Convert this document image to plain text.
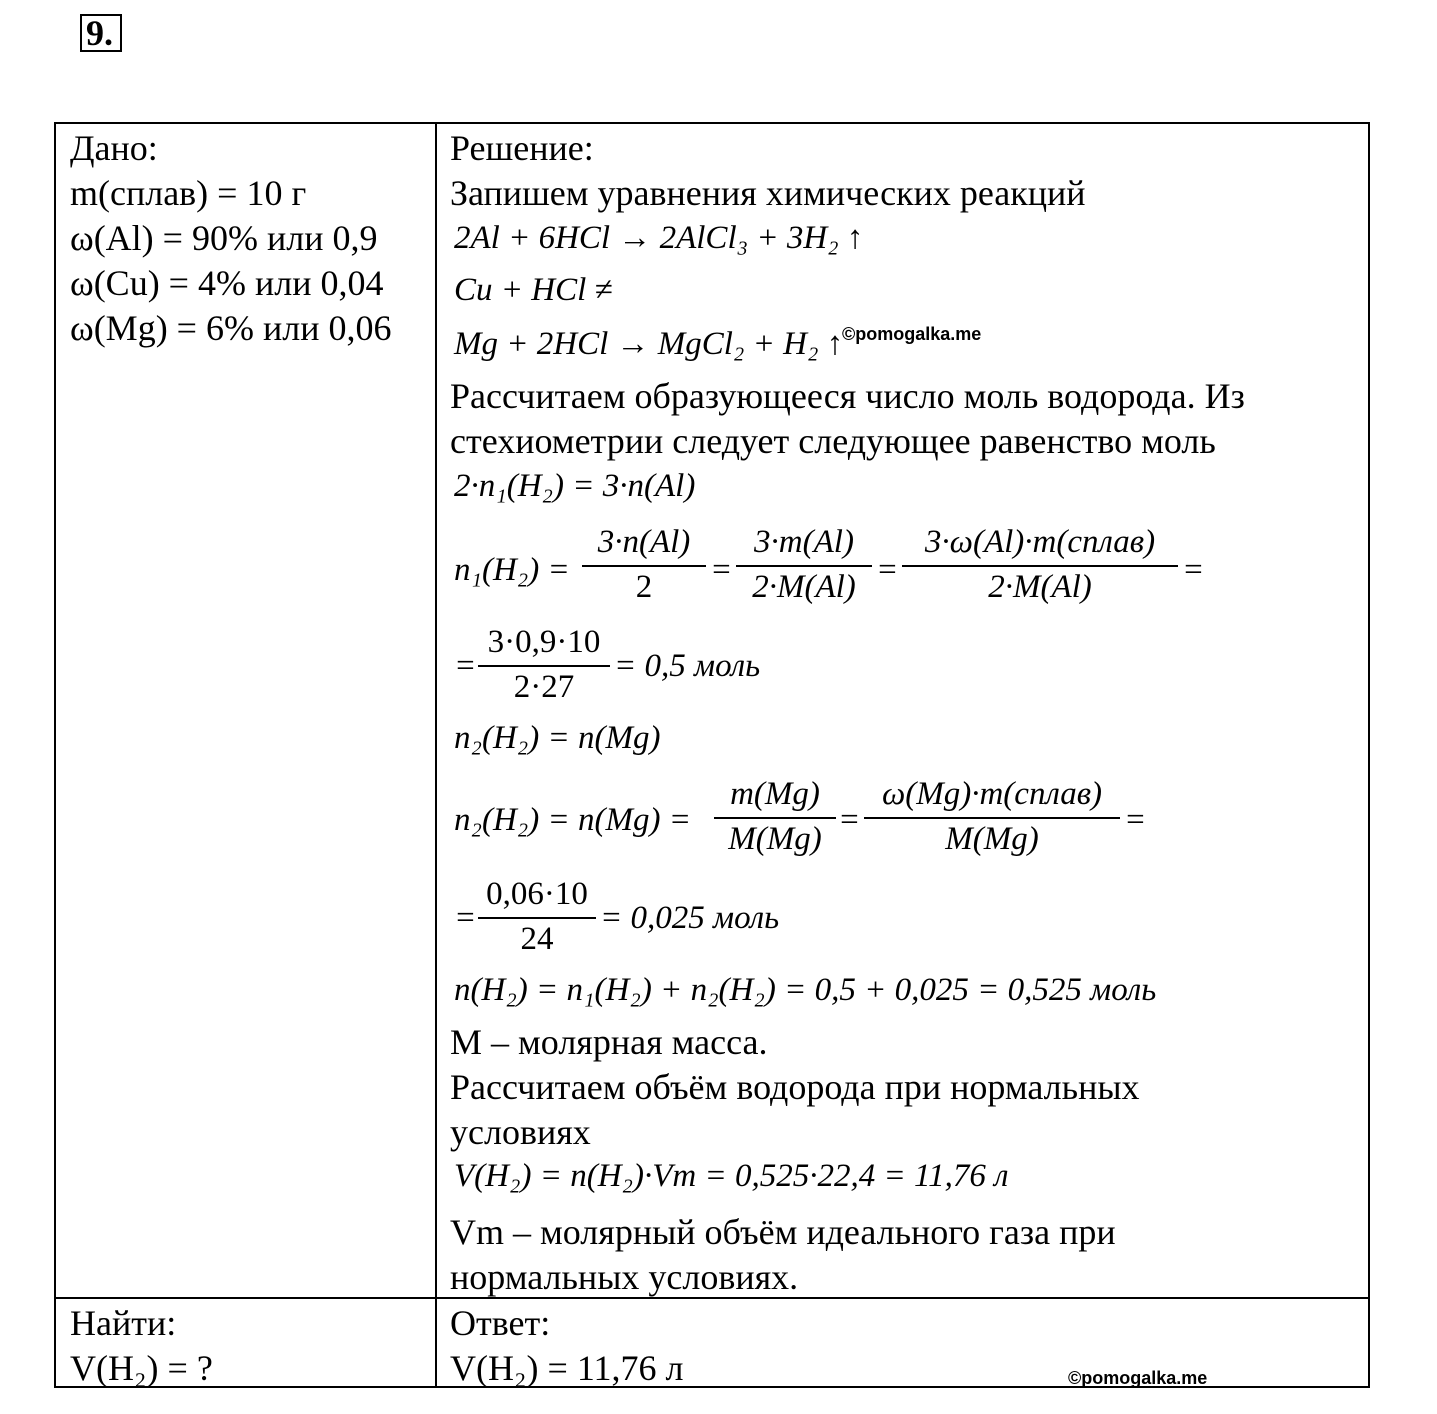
9.
Дано:
m(сплав) = 10 г
ω(Al) = 90% или 0,9
ω(Cu) = 4% или 0,04
ω(Mg) = 6% или 0,06
Найти:
V(H₂) = ?
Ответ:
V(H₂) = 11,76 л	©pomogalka.me
Решение:
Запишем уравнения химических реакций
2Al + 6HCl → 2AlCl₃ + 3H₂ ↑
Cu + HCl ≠
Mg + 2HCl → MgCl₂ + H₂ ↑
©pomogalka.me
Рассчитаем образующееся число моль водорода. Из
стехиометрии следует следующее равенство моль
2·n₁(H₂) = 3·n(Al)
$n_1(H_2) = \frac{3\cdot n(Al)}{2} = \frac{3\cdot m(Al)}{2\cdot M(Al)}$ =
3·ω(Al)·m(сплав)
2·M(Al)	=
= $\frac{3\cdot 0,9\cdot 10}{2\cdot 27} = 0,5$ моль
n₂(H₂) = n(Mg)
$n_2(H_2) = n(Mg) = \frac{m(Mg)}{M(Mg)}$ =
ω(Mg)·m(сплав)
M(Mg)
=
= $\frac{0,06\cdot 10}{24} = 0,025$ моль
n(H₂) = n₁(H₂) + n₂(H₂) = 0,5 + 0,025 = 0,525 моль
М – молярная масса.
Рассчитаем объём водорода при нормальных
условиях
V(H₂) = n(H₂)·Vm = 0,525·22,4 = 11,76 л
Vm – молярный объём идеального газа при
нормальных условиях.
